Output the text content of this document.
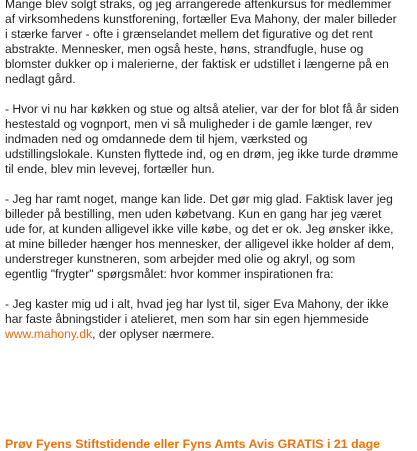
Mange blev solgt straks, og jeg arrangerede aftenkursus for medlemmer
af virksomhedens kunstforening, fortæller Eva Mahony, der maler billeder
i stærke farver - ofte i grænselandet mellem det figurative og det rent
abstrakte. Mennesker, men også heste, høns, strandfugle, huse og
blomster dukker op i malerierne, der faktisk er udstillet i længerne på en
nedlagt gård.

- Hvor vi nu har køkken og stue og altså atelier, var der for blot få år siden
hestestald og vognport, men vi så muligheder i de gamle længer, rev
indmaden ned og omdannede dem til hjem, værksted og
udstillingslokale. Kunsten flyttede ind, og en drøm, jeg ikke turde drømme
til ende, blev min levevej, fortæller hun.

- Jeg har ramt noget, mange kan lide. Det gør mig glad. Faktisk laver jeg
billeder på bestilling, men uden købetvang. Kun en gang har jeg været
ude for, at kunden alligevel ikke ville købe, og det er ok. Jeg ønsker ikke,
at mine billeder hænger hos mennesker, der alligevel ikke holder af dem,
understreger kunstneren, som arbejder med olie og akryl, og som
egentlig "frygter" spørgsmålet: hvor kommer inspirationen fra:

- Jeg kaster mig ud i alt, hvad jeg har lyst til, siger Eva Mahony, der ikke
har faste åbningstider i atelieret, men som har sin egen hjemmeside
www.mahony.dk, der oplyser nærmere.

Prøv Fyens Stiftstidende eller Fyns Amts Avis GRATIS i 21 dage
